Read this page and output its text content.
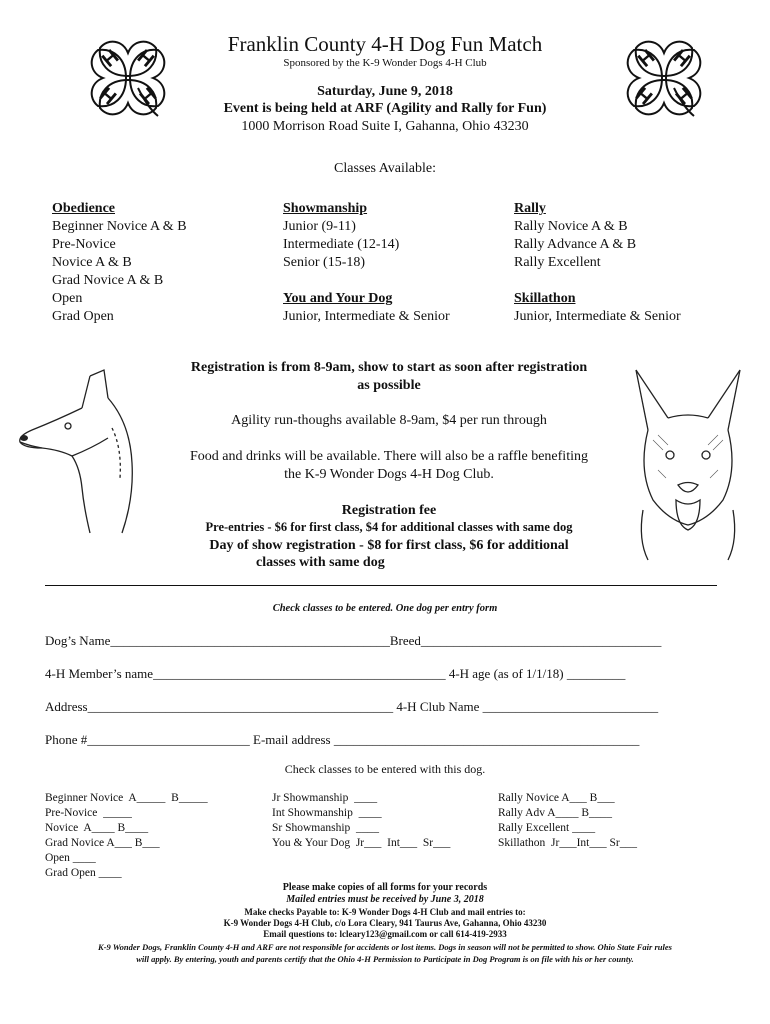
H H
H H
H H
H H
Franklin County 4-H Dog Fun Match
Sponsored by the K-9 Wonder Dogs 4-H Club
Saturday, June 9, 2018
Event is being held at ARF (Agility and Rally for Fun)
1000 Morrison Road Suite I, Gahanna, Ohio 43230
Classes Available:
Obedience
Beginner Novice A & B
Pre-Novice
Novice A & B
Grad Novice A & B
Open
Grad Open
Showmanship
Junior (9-11)
Intermediate (12-14)
Senior (15-18)
You and Your Dog
Junior, Intermediate & Senior
Rally
Rally Novice A & B
Rally Advance A & B
Rally Excellent
Skillathon
Junior, Intermediate & Senior
Registration is from 8-9am, show to start as soon after registration
as possible
Agility run-thoughs available 8-9am, $4 per run through
Food and drinks will be available. There will also be a raffle benefiting
the K-9 Wonder Dogs 4-H Dog Club.
Registration fee
Pre-entries - $6 for first class, $4 for additional classes with same dog
Day of show registration - $8 for first class, $6 for additional
classes with same dog
Check classes to be entered. One dog per entry form
Dog’s Name___________________________________________Breed_____________________________________
4-H Member’s name_____________________________________________ 4-H age (as of 1/1/18) _________
Address_______________________________________________ 4-H Club Name ___________________________
Phone #_________________________ E-mail address _______________________________________________
Check classes to be entered with this dog.
Beginner Novice  A_____  B_____
Pre-Novice  _____
Novice  A____ B____
Grad Novice A___ B___
Open ____
Grad Open ____
Jr Showmanship  ____
Int Showmanship  ____
Sr Showmanship  ____
You & Your Dog  Jr___  Int___  Sr___
Rally Novice A___ B___
Rally Adv A____ B____
Rally Excellent ____
Skillathon  Jr___Int___ Sr___
Please make copies of all forms for your records
Mailed entries must be received by June 3, 2018
Make checks Payable to: K-9 Wonder Dogs 4-H Club and mail entries to:
K-9 Wonder Dogs 4-H Club, c/o Lora Cleary, 941 Taurus Ave, Gahanna, Ohio 43230
Email questions to: lcleary123@gmail.com or call 614-419-2933
K-9 Wonder Dogs, Franklin County 4-H and ARF are not responsible for accidents or lost items. Dogs in season will not be permitted to show. Ohio State Fair rules
will apply. By entering, youth and parents certify that the Ohio 4-H Permission to Participate in Dog Program is on file with his or her county.
